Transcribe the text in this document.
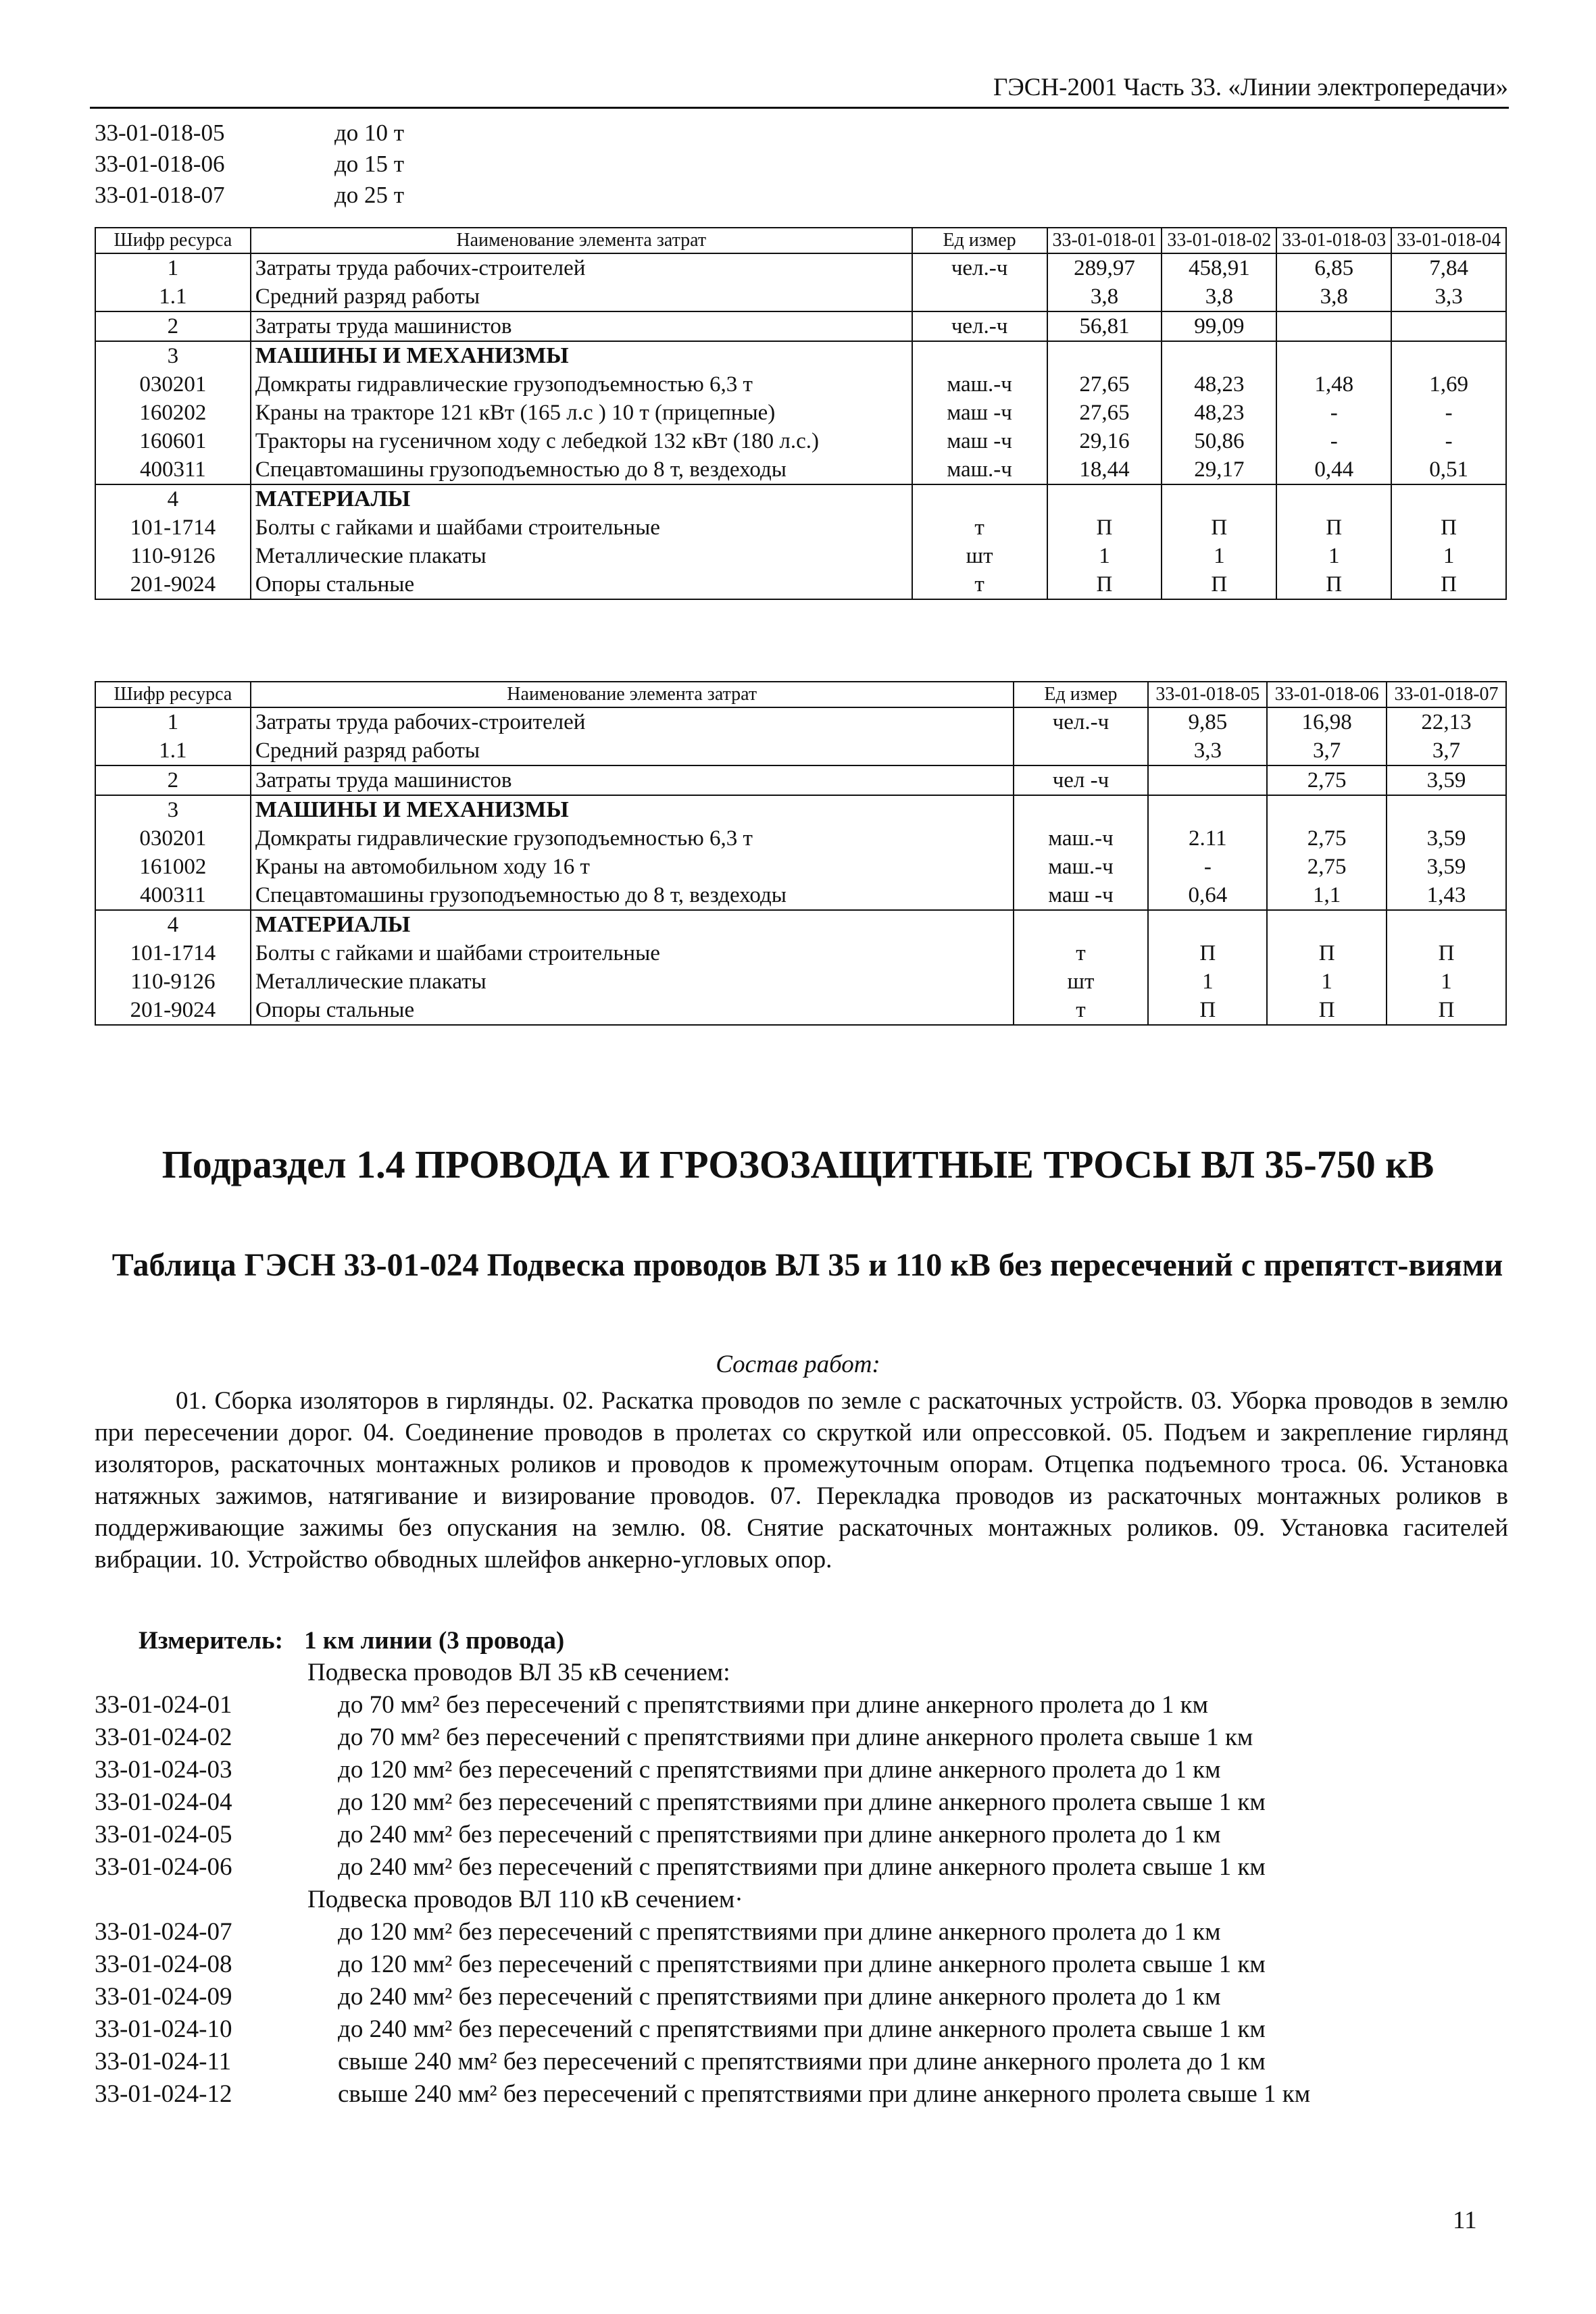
ГЭСН-2001 Часть 33. «Линии электропередачи»
33-01-018-05	до 10 т
33-01-018-06	до 15 т
33-01-018-07	до 25 т
Шифр ресурса	Наименование элемента затрат	Ед измер	33-01-018-01	33-01-018-02	33-01-018-03	33-01-018-04
1	Затраты труда рабочих-строителей	чел.-ч	289,97	458,91	6,85	7,84
1.1	Средний разряд работы		3,8	3,8	3,8	3,3
2	Затраты труда машинистов	чел.-ч	56,81	99,09		
3	МАШИНЫ И МЕХАНИЗМЫ					
030201	Домкраты гидравлические грузоподъемностью 6,3 т	маш.-ч	27,65	48,23	1,48	1,69
160202	Краны на тракторе 121 кВт (165 л.с ) 10 т (прицепные)	маш -ч	27,65	48,23	-	-
160601	Тракторы на гусеничном ходу с лебедкой 132 кВт (180 л.с.)	маш -ч	29,16	50,86	-	-
400311	Спецавтомашины грузоподъемностью до 8 т, вездеходы	маш.-ч	18,44	29,17	0,44	0,51
4	МАТЕРИАЛЫ					
101-1714	Болты с гайками и шайбами строительные	т	П	П	П	П
110-9126	Металлические плакаты	шт	1	1	1	1
201-9024	Опоры стальные	т	П	П	П	П
Шифр ресурса	Наименование элемента затрат	Ед измер	33-01-018-05	33-01-018-06	33-01-018-07
1	Затраты труда рабочих-строителей	чел.-ч	9,85	16,98	22,13
1.1	Средний разряд работы		3,3	3,7	3,7
2	Затраты труда машинистов	чел -ч		2,75	3,59
3	МАШИНЫ И МЕХАНИЗМЫ				
030201	Домкраты гидравлические грузоподъемностью 6,3 т	маш.-ч	2.11	2,75	3,59
161002	Краны на автомобильном ходу 16 т	маш.-ч	-	2,75	3,59
400311	Спецавтомашины грузоподъемностью до 8 т, вездеходы	маш -ч	0,64	1,1	1,43
4	МАТЕРИАЛЫ				
101-1714	Болты с гайками и шайбами строительные	т	П	П	П
110-9126	Металлические плакаты	шт	1	1	1
201-9024	Опоры стальные	т	П	П	П
Подраздел 1.4 ПРОВОДА И ГРОЗОЗАЩИТНЫЕ ТРОСЫ ВЛ 35-750 кВ
Таблица ГЭСН 33-01-024 Подвеска проводов ВЛ 35 и 110 кВ без пересечений с препятст-виями
Состав работ:
01. Сборка изоляторов в гирлянды. 02. Раскатка проводов по земле с раскаточных устройств. 03. Уборка проводов в землю при пересечении дорог. 04. Соединение проводов в пролетах со скруткой или опрессовкой. 05. Подъем и закрепление гирлянд изоляторов, раскаточных монтажных роликов и проводов к промежуточным опорам. Отцепка подъемного троса. 06. Установка натяжных зажимов, натягивание и визирование проводов. 07. Перекладка проводов из раскаточных монтажных роликов в поддерживающие зажимы без опускания на землю. 08. Снятие раскаточных монтажных роликов. 09. Установка гасителей вибрации. 10. Устройство обводных шлейфов анкерно-угловых опор.
Измеритель: 1 км линии (3 провода)
Подвеска проводов ВЛ 35 кВ сечением:
33-01-024-01	до 70 мм² без пересечений с препятствиями при длине анкерного пролета до 1 км
33-01-024-02	до 70 мм² без пересечений с препятствиями при длине анкерного пролета свыше 1 км
33-01-024-03	до 120 мм² без пересечений с препятствиями при длине анкерного пролета до 1 км
33-01-024-04	до 120 мм² без пересечений с препятствиями при длине анкерного пролета свыше 1 км
33-01-024-05	до 240 мм² без пересечений с препятствиями при длине анкерного пролета до 1 км
33-01-024-06	до 240 мм² без пересечений с препятствиями при длине анкерного пролета свыше 1 км
Подвеска проводов ВЛ 110 кВ сечением·
33-01-024-07	до 120 мм² без пересечений с препятствиями при длине анкерного пролета до 1 км
33-01-024-08	до 120 мм² без пересечений с препятствиями при длине анкерного пролета свыше 1 км
33-01-024-09	до 240 мм² без пересечений с препятствиями при длине анкерного пролета до 1 км
33-01-024-10	до 240 мм² без пересечений с препятствиями при длине анкерного пролета свыше 1 км
33-01-024-11	свыше 240 мм² без пересечений с препятствиями при длине анкерного пролета до 1 км
33-01-024-12	свыше 240 мм² без пересечений с препятствиями при длине анкерного пролета свыше 1 км
11
